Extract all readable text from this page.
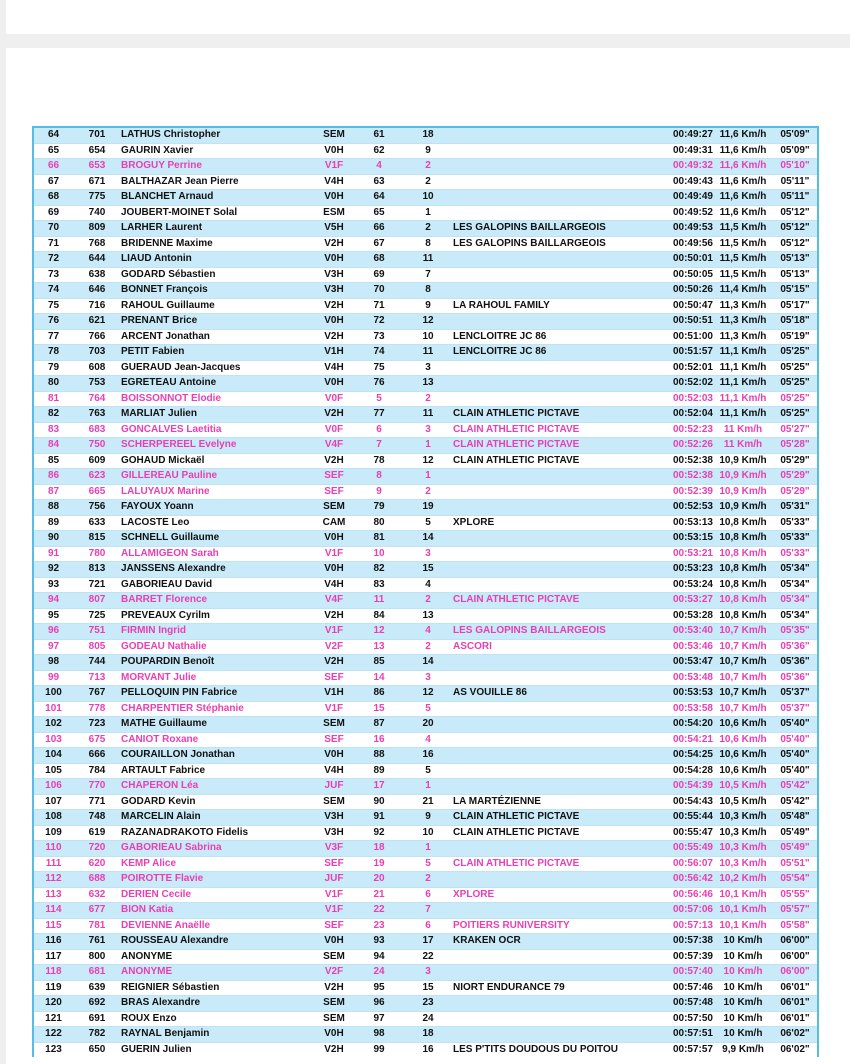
64	701	LATHUS Christopher	SEM	61	18		00:49:27	11,6 Km/h	05'09"
65	654	GAURIN Xavier	V0H	62	9		00:49:31	11,6 Km/h	05'09"
66	653	BROGUY Perrine	V1F	4	2		00:49:32	11,6 Km/h	05'10"
67	671	BALTHAZAR Jean Pierre	V4H	63	2		00:49:43	11,6 Km/h	05'11"
68	775	BLANCHET Arnaud	V0H	64	10		00:49:49	11,6 Km/h	05'11"
69	740	JOUBERT-MOINET Solal	ESM	65	1		00:49:52	11,6 Km/h	05'12"
70	809	LARHER Laurent	V5H	66	2	LES GALOPINS BAILLARGEOIS	00:49:53	11,5 Km/h	05'12"
71	768	BRIDENNE Maxime	V2H	67	8	LES GALOPINS BAILLARGEOIS	00:49:56	11,5 Km/h	05'12"
72	644	LIAUD Antonin	V0H	68	11		00:50:01	11,5 Km/h	05'13"
73	638	GODARD Sébastien	V3H	69	7		00:50:05	11,5 Km/h	05'13"
74	646	BONNET François	V3H	70	8		00:50:26	11,4 Km/h	05'15"
75	716	RAHOUL Guillaume	V2H	71	9	LA RAHOUL FAMILY	00:50:47	11,3 Km/h	05'17"
76	621	PRENANT Brice	V0H	72	12		00:50:51	11,3 Km/h	05'18"
77	766	ARCENT Jonathan	V2H	73	10	LENCLOITRE JC 86	00:51:00	11,3 Km/h	05'19"
78	703	PETIT Fabien	V1H	74	11	LENCLOITRE JC 86	00:51:57	11,1 Km/h	05'25"
79	608	GUERAUD Jean-Jacques	V4H	75	3		00:52:01	11,1 Km/h	05'25"
80	753	EGRETEAU Antoine	V0H	76	13		00:52:02	11,1 Km/h	05'25"
81	764	BOISSONNOT Elodie	V0F	5	2		00:52:03	11,1 Km/h	05'25"
82	763	MARLIAT Julien	V2H	77	11	CLAIN ATHLETIC PICTAVE	00:52:04	11,1 Km/h	05'25"
83	683	GONCALVES Laetitia	V0F	6	3	CLAIN ATHLETIC PICTAVE	00:52:23	11 Km/h	05'27"
84	750	SCHERPEREEL Evelyne	V4F	7	1	CLAIN ATHLETIC PICTAVE	00:52:26	11 Km/h	05'28"
85	609	GOHAUD Mickaël	V2H	78	12	CLAIN ATHLETIC PICTAVE	00:52:38	10,9 Km/h	05'29"
86	623	GILLEREAU Pauline	SEF	8	1		00:52:38	10,9 Km/h	05'29"
87	665	LALUYAUX Marine	SEF	9	2		00:52:39	10,9 Km/h	05'29"
88	756	FAYOUX Yoann	SEM	79	19		00:52:53	10,9 Km/h	05'31"
89	633	LACOSTE Leo	CAM	80	5	XPLORE	00:53:13	10,8 Km/h	05'33"
90	815	SCHNELL Guillaume	V0H	81	14		00:53:15	10,8 Km/h	05'33"
91	780	ALLAMIGEON Sarah	V1F	10	3		00:53:21	10,8 Km/h	05'33"
92	813	JANSSENS Alexandre	V0H	82	15		00:53:23	10,8 Km/h	05'34"
93	721	GABORIEAU David	V4H	83	4		00:53:24	10,8 Km/h	05'34"
94	807	BARRET Florence	V4F	11	2	CLAIN ATHLETIC PICTAVE	00:53:27	10,8 Km/h	05'34"
95	725	PREVEAUX Cyrilm	V2H	84	13		00:53:28	10,8 Km/h	05'34"
96	751	FIRMIN Ingrid	V1F	12	4	LES GALOPINS BAILLARGEOIS	00:53:40	10,7 Km/h	05'35"
97	805	GODEAU Nathalie	V2F	13	2	ASCORI	00:53:46	10,7 Km/h	05'36"
98	744	POUPARDIN Benoît	V2H	85	14		00:53:47	10,7 Km/h	05'36"
99	713	MORVANT Julie	SEF	14	3		00:53:48	10,7 Km/h	05'36"
100	767	PELLOQUIN PIN Fabrice	V1H	86	12	AS VOUILLE 86	00:53:53	10,7 Km/h	05'37"
101	778	CHARPENTIER Stéphanie	V1F	15	5		00:53:58	10,7 Km/h	05'37"
102	723	MATHE Guillaume	SEM	87	20		00:54:20	10,6 Km/h	05'40"
103	675	CANIOT Roxane	SEF	16	4		00:54:21	10,6 Km/h	05'40"
104	666	COURAILLON Jonathan	V0H	88	16		00:54:25	10,6 Km/h	05'40"
105	784	ARTAULT Fabrice	V4H	89	5		00:54:28	10,6 Km/h	05'40"
106	770	CHAPERON Léa	JUF	17	1		00:54:39	10,5 Km/h	05'42"
107	771	GODARD Kevin	SEM	90	21	LA MARTÉZIENNE	00:54:43	10,5 Km/h	05'42"
108	748	MARCELIN Alain	V3H	91	9	CLAIN ATHLETIC PICTAVE	00:55:44	10,3 Km/h	05'48"
109	619	RAZANADRAKOTO Fidelis	V3H	92	10	CLAIN ATHLETIC PICTAVE	00:55:47	10,3 Km/h	05'49"
110	720	GABORIEAU Sabrina	V3F	18	1		00:55:49	10,3 Km/h	05'49"
111	620	KEMP Alice	SEF	19	5	CLAIN ATHLETIC PICTAVE	00:56:07	10,3 Km/h	05'51"
112	688	POIROTTE Flavie	JUF	20	2		00:56:42	10,2 Km/h	05'54"
113	632	DERIEN Cecile	V1F	21	6	XPLORE	00:56:46	10,1 Km/h	05'55"
114	677	BION Katia	V1F	22	7		00:57:06	10,1 Km/h	05'57"
115	781	DEVIENNE Anaëlle	SEF	23	6	POITIERS RUNIVERSITY	00:57:13	10,1 Km/h	05'58"
116	761	ROUSSEAU Alexandre	V0H	93	17	KRAKEN OCR	00:57:38	10 Km/h	06'00"
117	800	ANONYME	SEM	94	22		00:57:39	10 Km/h	06'00"
118	681	ANONYME	V2F	24	3		00:57:40	10 Km/h	06'00"
119	639	REIGNIER Sébastien	V2H	95	15	NIORT ENDURANCE 79	00:57:46	10 Km/h	06'01"
120	692	BRAS Alexandre	SEM	96	23		00:57:48	10 Km/h	06'01"
121	691	ROUX Enzo	SEM	97	24		00:57:50	10 Km/h	06'01"
122	782	RAYNAL Benjamin	V0H	98	18		00:57:51	10 Km/h	06'02"
123	650	GUERIN Julien	V2H	99	16	LES P'TITS DOUDOUS DU POITOU	00:57:57	9,9 Km/h	06'02"
